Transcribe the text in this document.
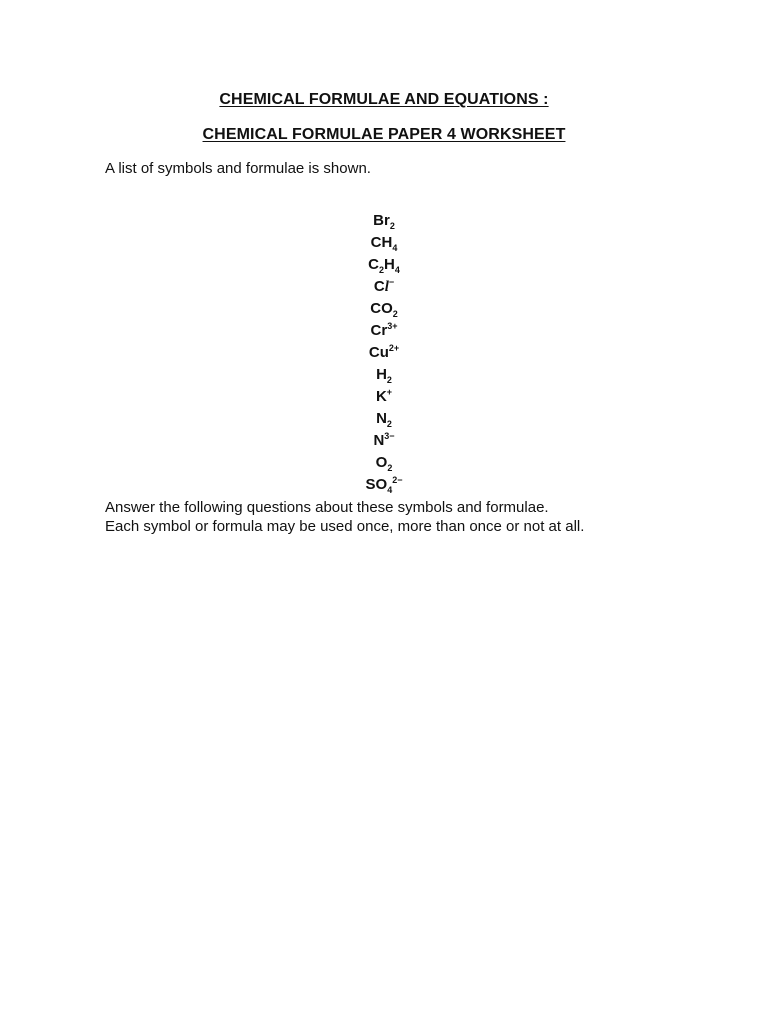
CHEMICAL FORMULAE AND EQUATIONS :
CHEMICAL FORMULAE PAPER 4 WORKSHEET
A list of symbols and formulae is shown.
$Br_2$
$CH_4$
$C_2H_4$
Cl−
$CO_2$
$Cr^{3+}$
$Cu^{2+}$
$H_2$
K+
$N_2$
$N^{3-}$
$O_2$
$SO_4^{2-}$
Answer the following questions about these symbols and formulae.
Each symbol or formula may be used once, more than once or not at all.
